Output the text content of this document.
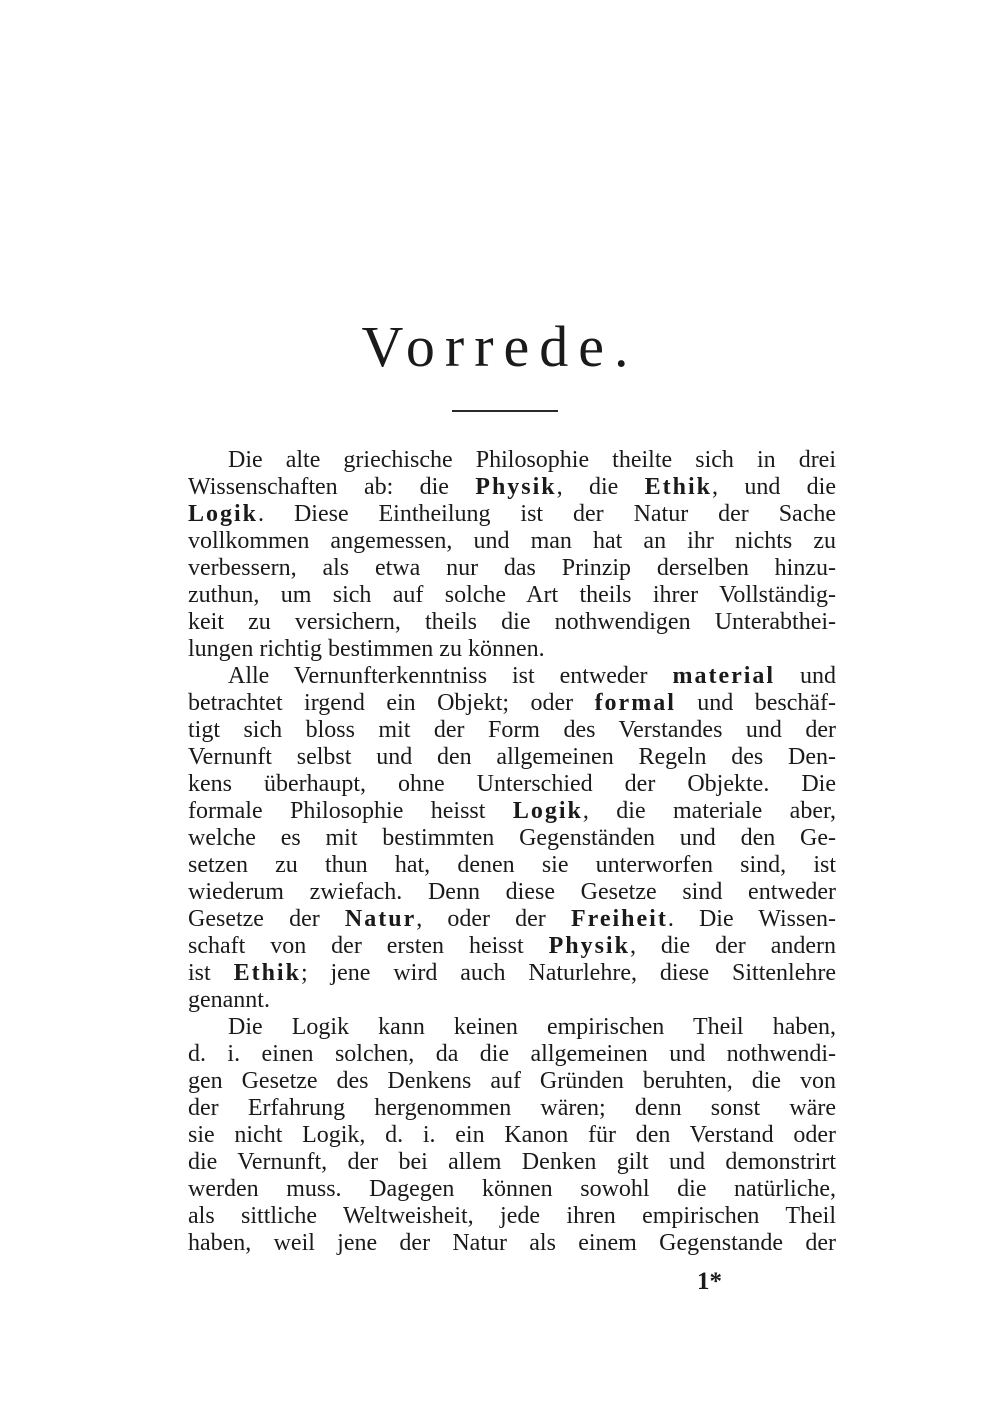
Vorrede.
Die alte griechische Philosophie theilte sich in drei
Wissenschaften ab: die Physik, die Ethik, und die
Logik. Diese Eintheilung ist der Natur der Sache
vollkommen angemessen, und man hat an ihr nichts zu
verbessern, als etwa nur das Prinzip derselben hinzu-
zuthun, um sich auf solche Art theils ihrer Vollständig-
keit zu versichern, theils die nothwendigen Unterabthei-
lungen richtig bestimmen zu können.
Alle Vernunfterkenntniss ist entweder material und
betrachtet irgend ein Objekt; oder formal und beschäf-
tigt sich bloss mit der Form des Verstandes und der
Vernunft selbst und den allgemeinen Regeln des Den-
kens überhaupt, ohne Unterschied der Objekte. Die
formale Philosophie heisst Logik, die materiale aber,
welche es mit bestimmten Gegenständen und den Ge-
setzen zu thun hat, denen sie unterworfen sind, ist
wiederum zwiefach. Denn diese Gesetze sind entweder
Gesetze der Natur, oder der Freiheit. Die Wissen-
schaft von der ersten heisst Physik, die der andern
ist Ethik; jene wird auch Naturlehre, diese Sittenlehre
genannt.
Die Logik kann keinen empirischen Theil haben,
d. i. einen solchen, da die allgemeinen und nothwendi-
gen Gesetze des Denkens auf Gründen beruhten, die von
der Erfahrung hergenommen wären; denn sonst wäre
sie nicht Logik, d. i. ein Kanon für den Verstand oder
die Vernunft, der bei allem Denken gilt und demonstrirt
werden muss. Dagegen können sowohl die natürliche,
als sittliche Weltweisheit, jede ihren empirischen Theil
haben, weil jene der Natur als einem Gegenstande der
1*
